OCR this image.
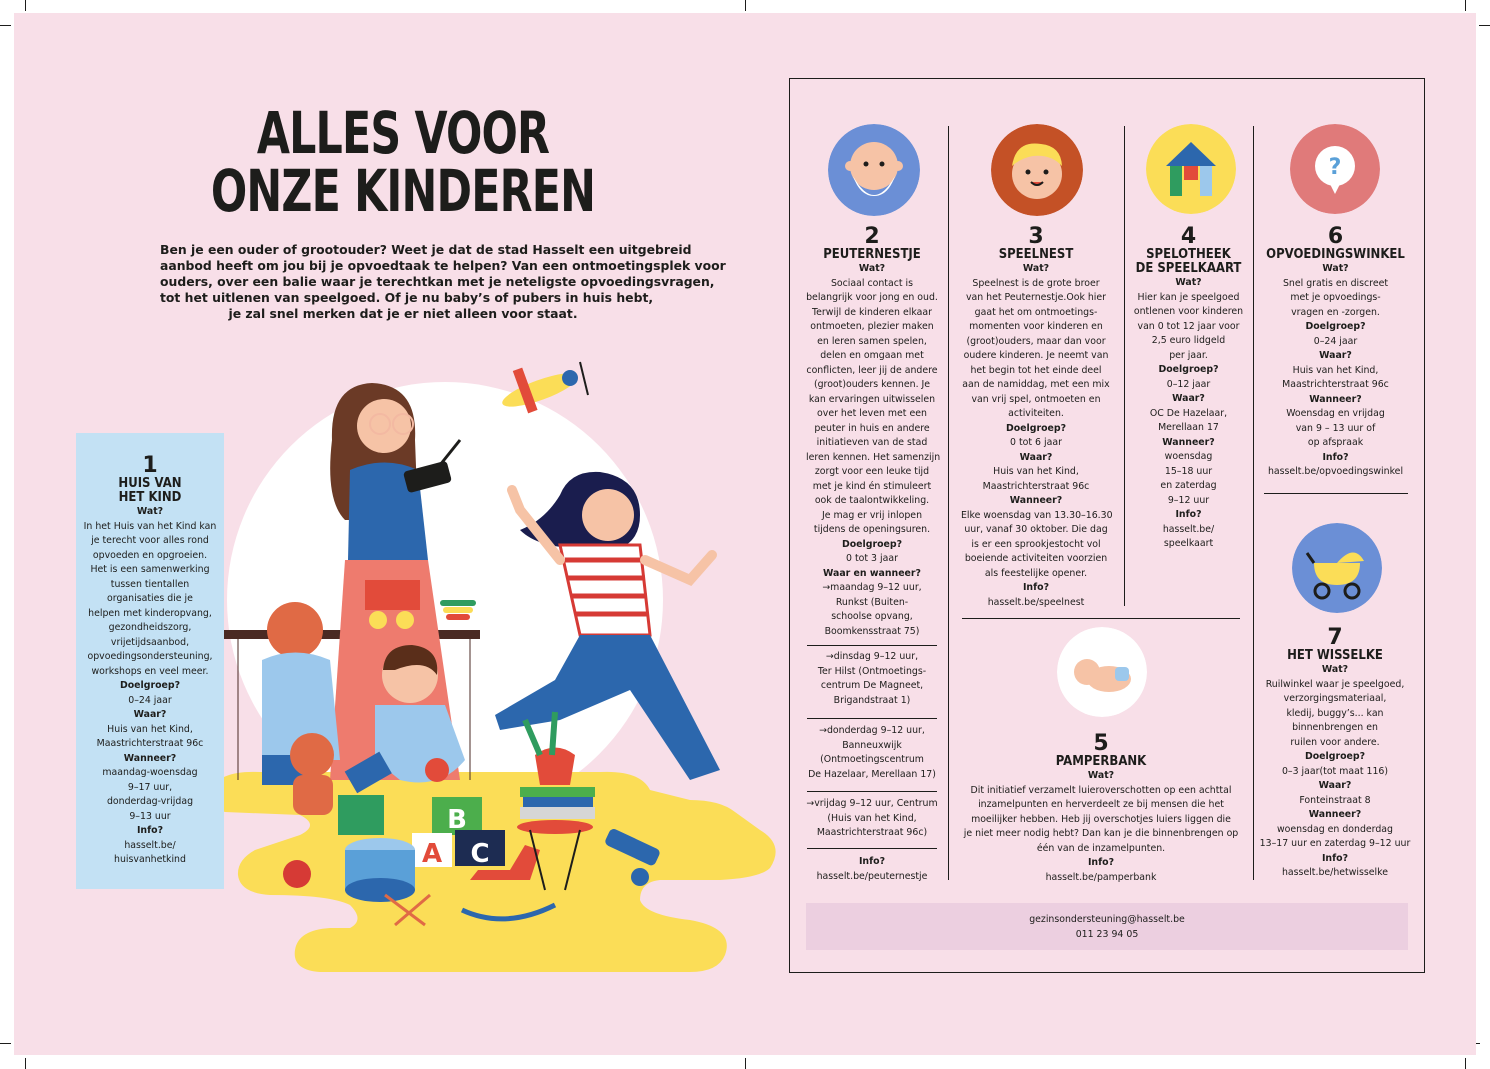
B
A C
ALLES VOOR
ONZE KINDEREN
Ben je een ouder of grootouder? Weet je dat de stad Hasselt een uitgebreid
aanbod heeft om jou bij je opvoedtaak te helpen? Van een ontmoetingsplek voor
ouders, over een balie waar je terechtkan met je neteligste opvoedingsvragen,
tot het uitlenen van speelgoed. Of je nu baby’s of pubers in huis hebt,
je zal snel merken dat je er niet alleen voor staat.
1
HUIS VAN
HET KIND
Wat?
In het Huis van het Kind kan
je terecht voor alles rond
opvoeden en opgroeien.
Het is een samenwerking
tussen tientallen
organisaties die je
helpen met kinderopvang,
gezondheidszorg,
vrijetijdsaanbod,
opvoedingsondersteuning,
workshops en veel meer.
Doelgroep?
0–24 jaar
Waar?
Huis van het Kind,
Maastrichterstraat 96c
Wanneer?
maandag-woensdag
9–17 uur,
donderdag-vrijdag
9–13 uur
Info?
hasselt.be/
huisvanhetkind
?
2
PEUTERNESTJE
Wat?
Sociaal contact is
belangrijk voor jong en oud.
Terwijl de kinderen elkaar
ontmoeten, plezier maken
en leren samen spelen,
delen en omgaan met
conflicten, leer jij de andere
(groot)ouders kennen. Je
kan ervaringen uitwisselen
over het leven met een
peuter in huis en andere
initiatieven van de stad
leren kennen. Het samenzijn
zorgt voor een leuke tijd
met je kind én stimuleert
ook de taalontwikkeling.
Je mag er vrij inlopen
tijdens de openingsuren.
Doelgroep?
0 tot 3 jaar
Waar en wanneer?
→maandag 9–12 uur,
Runkst (Buiten-
schoolse opvang,
Boomkensstraat 75)
3
SPEELNEST
Wat?
Speelnest is de grote broer
van het Peuternestje.Ook hier
gaat het om ontmoetings-
momenten voor kinderen en
(groot)ouders, maar dan voor
oudere kinderen. Je neemt van
het begin tot het einde deel
aan de namiddag, met een mix
van vrij spel, ontmoeten en
activiteiten.
Doelgroep?
0 tot 6 jaar
Waar?
Huis van het Kind,
Maastrichterstraat 96c
Wanneer?
Elke woensdag van 13.30–16.30
uur, vanaf 30 oktober. Die dag
is er een sprookjestocht vol
boeiende activiteiten voorzien
als feestelijke opener.
Info?
hasselt.be/speelnest
4
SPELOTHEEK
DE SPEELKAART
Wat?
Hier kan je speelgoed
ontlenen voor kinderen
van 0 tot 12 jaar voor
2,5 euro lidgeld
per jaar.
Doelgroep?
0–12 jaar
Waar?
OC De Hazelaar,
Merellaan 17
Wanneer?
woensdag
15–18 uur
en zaterdag
9–12 uur
Info?
hasselt.be/
speelkaart
6
OPVOEDINGSWINKEL
Wat?
Snel gratis en discreet
met je opvoedings-
vragen en -zorgen.
Doelgroep?
0–24 jaar
Waar?
Huis van het Kind,
Maastrichterstraat 96c
Wanneer?
Woensdag en vrijdag
van 9 – 13 uur of
op afspraak
Info?
hasselt.be/opvoedingswinkel
5
PAMPERBANK
Wat?
Dit initiatief verzamelt luieroverschotten op een achttal
inzamelpunten en herverdeelt ze bij mensen die het
moeilijker hebben. Heb jij overschotjes luiers liggen die
je niet meer nodig hebt? Dan kan je die binnenbrengen op
één van de inzamelpunten.
Info?
hasselt.be/pamperbank
7
HET WISSELKE
Wat?
Ruilwinkel waar je speelgoed,
verzorgingsmateriaal,
kledij, buggy’s... kan
binnenbrengen en
ruilen voor andere.
Doelgroep?
0–3 jaar(tot maat 116)
Waar?
Fonteinstraat 8
Wanneer?
woensdag en donderdag
13–17 uur en zaterdag 9–12 uur
Info?
hasselt.be/hetwisselke
gezinsondersteuning@hasselt.be
011 23 94 05
→dinsdag 9–12 uur,
Ter Hilst (Ontmoetings-
centrum De Magneet,
Brigandstraat 1)
→donderdag 9–12 uur,
Banneuxwijk
(Ontmoetingscentrum
De Hazelaar, Merellaan 17)
→vrijdag 9–12 uur, Centrum
(Huis van het Kind,
Maastrichterstraat 96c)
Info?
hasselt.be/peuternestje
